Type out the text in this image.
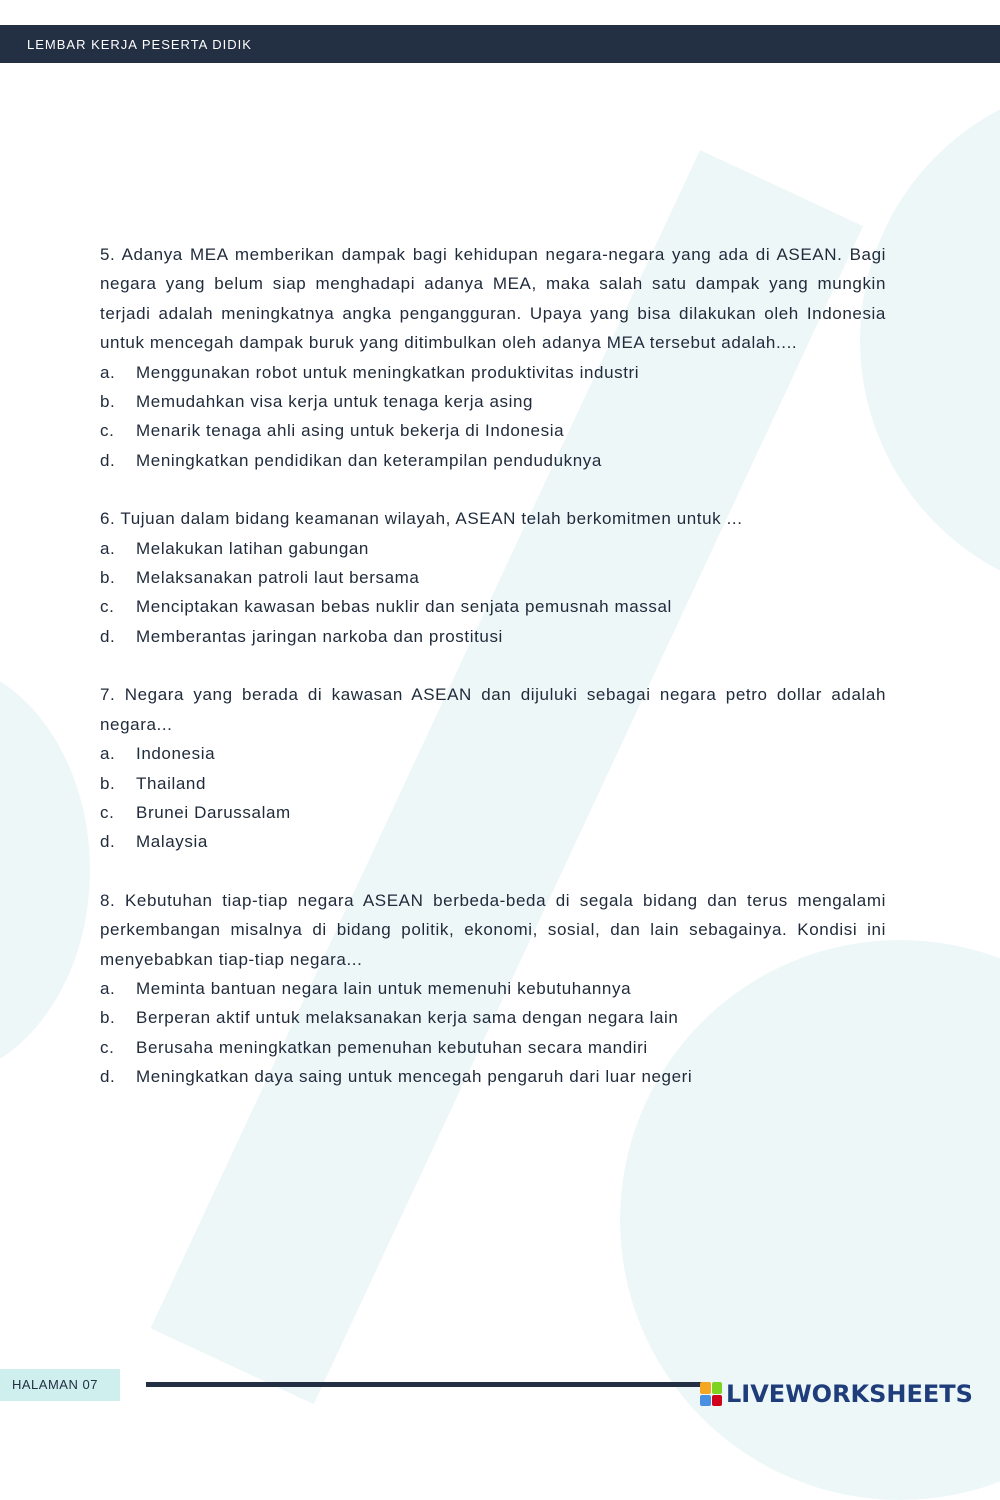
LEMBAR KERJA PESERTA DIDIK

5. Adanya MEA memberikan dampak bagi kehidupan negara-negara yang ada di ASEAN. Bagi negara yang belum siap menghadapi adanya MEA, maka salah satu dampak yang mungkin terjadi adalah meningkatnya angka pengangguran. Upaya yang bisa dilakukan oleh Indonesia untuk mencegah dampak buruk yang ditimbulkan oleh adanya MEA tersebut adalah....

a.	Menggunakan robot untuk meningkatkan produktivitas industri
b.	Memudahkan visa kerja untuk tenaga kerja asing
c.	Menarik tenaga ahli asing untuk bekerja di Indonesia
d.	Meningkatkan pendidikan dan keterampilan penduduknya

6. Tujuan dalam bidang keamanan wilayah, ASEAN telah berkomitmen untuk ...

a.	Melakukan latihan gabungan
b.	Melaksanakan patroli laut bersama
c.	Menciptakan kawasan bebas nuklir dan senjata pemusnah massal
d.	Memberantas jaringan narkoba dan prostitusi

7. Negara yang berada di kawasan ASEAN dan dijuluki sebagai negara petro dollar adalah negara...

a.	Indonesia
b.	Thailand
c.	Brunei Darussalam
d.	Malaysia

8. Kebutuhan tiap-tiap negara ASEAN berbeda-beda di segala bidang dan terus mengalami perkembangan misalnya di bidang politik, ekonomi, sosial, dan lain sebagainya. Kondisi ini menyebabkan tiap-tiap negara...

a.	Meminta bantuan negara lain untuk memenuhi kebutuhannya
b.	Berperan aktif untuk melaksanakan kerja sama dengan negara lain
c.	Berusaha meningkatkan pemenuhan kebutuhan secara mandiri
d.	Meningkatkan daya saing untuk mencegah pengaruh dari luar negeri
HALAMAN 07	LIVEWORKSHEETS
